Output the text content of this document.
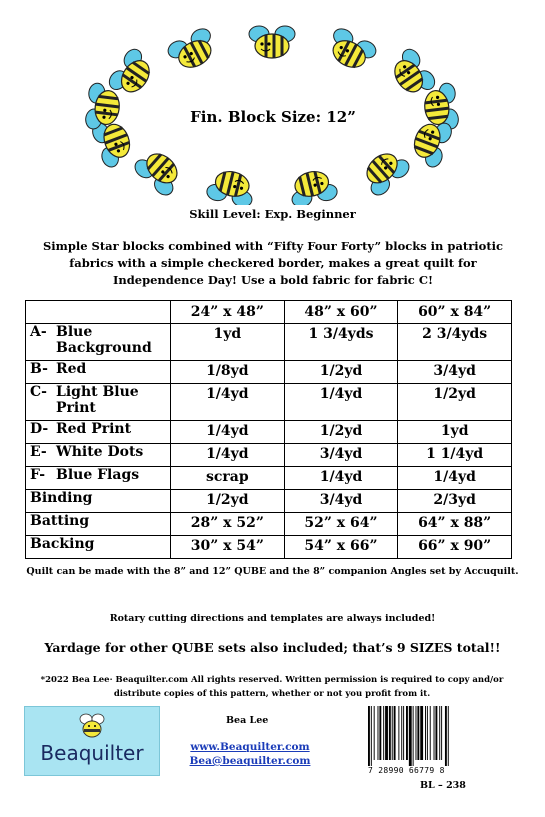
Fin. Block Size: 12”
Skill Level: Exp. Beginner
Simple Star blocks combined with “Fifty Four Forty” blocks in patriotic fabrics with a simple checkered border, makes a great quilt for Independence Day! Use a bold fabric for fabric C!
	24” x 48”	48” x 60”	60” x 84”

A- Blue Background	1yd	1 3/4yds	2 3/4yds

B- Red	1/8yd	1/2yd	3/4yd

C- Light Blue Print	1/4yd	1/4yd	1/2yd

D- Red Print	1/4yd	1/2yd	1yd

E- White Dots	1/4yd	3/4yd	1 1/4yd

F- Blue Flags	scrap	1/4yd	1/4yd

Binding	1/2yd	3/4yd	2/3yd

Batting	28” x 52”	52” x 64”	64” x 88”

Backing	30” x 54”	54” x 66”	66” x 90”
Quilt can be made with the 8” and 12” QUBE and the 8” companion Angles set by Accuquilt.
Rotary cutting directions and templates are always included!
Yardage for other QUBE sets also included; that’s 9 SIZES total!!
*2022 Bea Lee· Beaquilter.com All rights reserved. Written permission is required to copy and/or distribute copies of this pattern, whether or not you profit from it.
Beaquilter
Bea Lee
www.Beaquilter.com
Bea@beaquilter.com
7 28990 66779 8
BL – 238
